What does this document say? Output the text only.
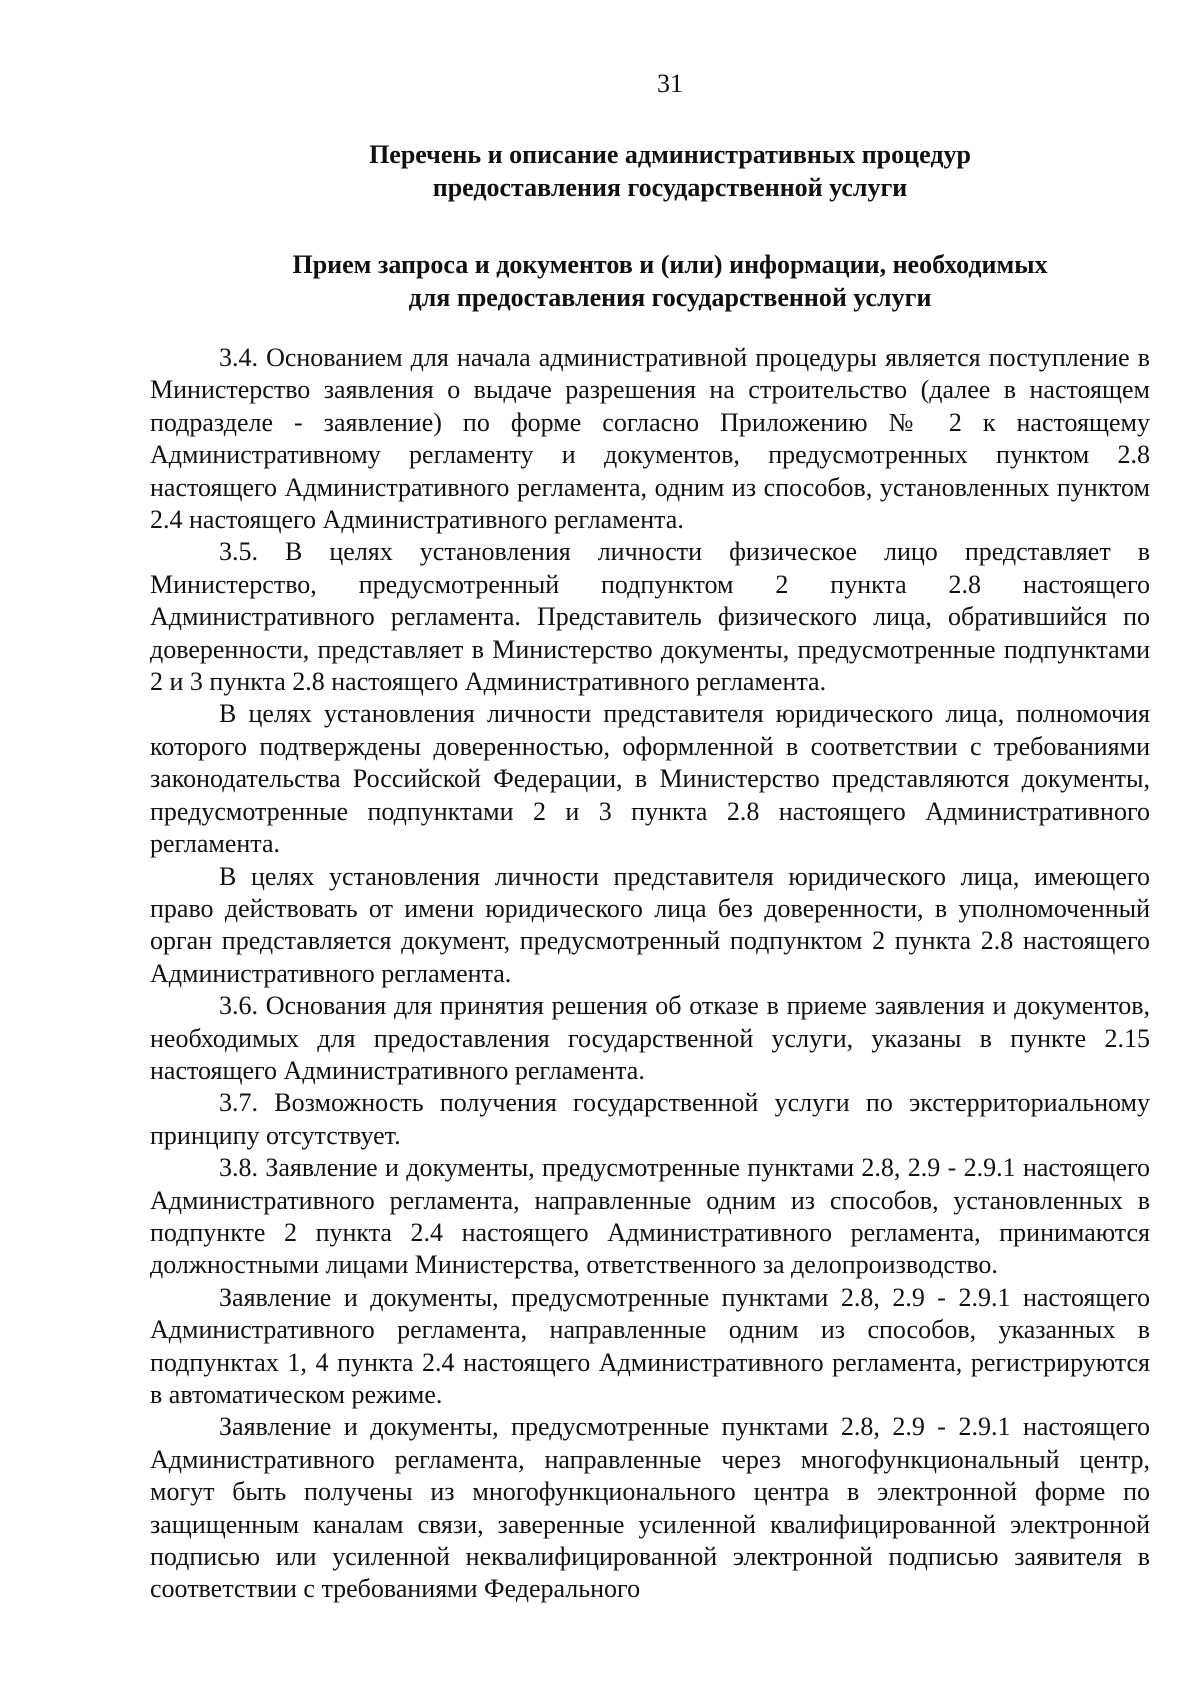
31
Перечень и описание административных процедур
предоставления государственной услуги
Прием запроса и документов и (или) информации, необходимых
для предоставления государственной услуги

3.4. Основанием для начала административной процедуры является поступление в Министерство заявления о выдаче разрешения на строительство (далее в настоящем подразделе - заявление) по форме согласно Приложению № 2 к настоящему Административному регламенту и документов, предусмотренных пунктом 2.8 настоящего Административного регламента, одним из способов, установленных пунктом 2.4 настоящего Административного регламента.

3.5. В целях установления личности физическое лицо представляет в Министерство, предусмотренный подпунктом 2 пункта 2.8 настоящего Административного регламента. Представитель физического лица, обратившийся по доверенности, представляет в Министерство документы, предусмотренные подпунктами 2 и 3 пункта 2.8 настоящего Административного регламента.

В целях установления личности представителя юридического лица, полномочия которого подтверждены доверенностью, оформленной в соответствии с требованиями законодательства Российской Федерации, в Министерство представляются документы, предусмотренные подпунктами 2 и 3 пункта 2.8 настоящего Административного регламента.

В целях установления личности представителя юридического лица, имеющего право действовать от имени юридического лица без доверенности, в уполномоченный орган представляется документ, предусмотренный подпунктом 2 пункта 2.8 настоящего Административного регламента.

3.6. Основания для принятия решения об отказе в приеме заявления и документов, необходимых для предоставления государственной услуги, указаны в пункте 2.15 настоящего Административного регламента.

3.7. Возможность получения государственной услуги по экстерриториальному принципу отсутствует.

3.8. Заявление и документы, предусмотренные пунктами 2.8, 2.9 - 2.9.1 настоящего Административного регламента, направленные одним из способов, установленных в подпункте 2 пункта 2.4 настоящего Административного регламента, принимаются должностными лицами Министерства, ответственного за делопроизводство.

Заявление и документы, предусмотренные пунктами 2.8, 2.9 - 2.9.1 настоящего Административного регламента, направленные одним из способов, указанных в подпунктах 1, 4 пункта 2.4 настоящего Административного регламента, регистрируются в автоматическом режиме.

Заявление и документы, предусмотренные пунктами 2.8, 2.9 - 2.9.1 настоящего Административного регламента, направленные через многофункциональный центр, могут быть получены из многофункционального центра в электронной форме по защищенным каналам связи, заверенные усиленной квалифицированной электронной подписью или усиленной неквалифицированной электронной подписью заявителя в соответствии с требованиями Федерального
